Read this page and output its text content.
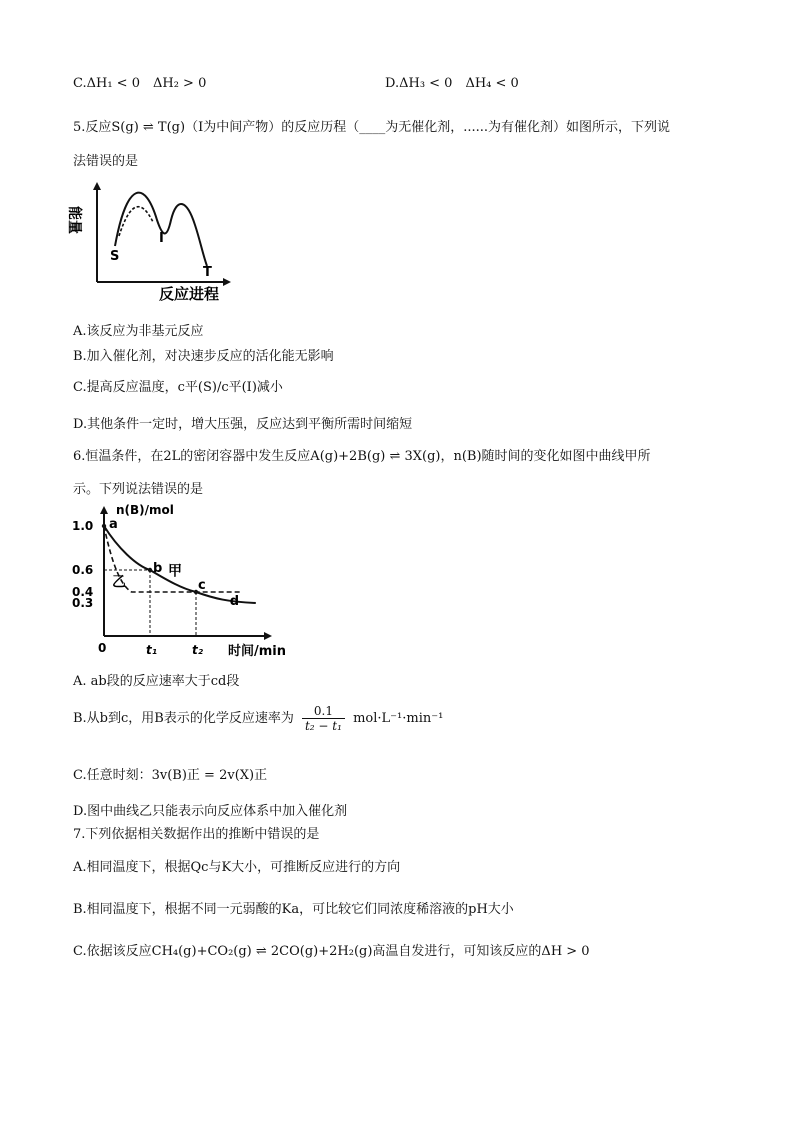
C.ΔH₁ < 0　ΔH₂ > 0	D.ΔH₃ < 0　ΔH₄ < 0
5.反应S(g) ⇌ T(g)（I为中间产物）的反应历程（____为无催化剂，......为有催化剂）如图所示，下列说
法错误的是
能量
S
I
T
反应进程
A.该反应为非基元反应
B.加入催化剂，对决速步反应的活化能无影响
C.提高反应温度，c平(S)/c平(I)减小
D.其他条件一定时，增大压强，反应达到平衡所需时间缩短
6.恒温条件，在2L的密闭容器中发生反应A(g)+2B(g) ⇌ 3X(g)，n(B)随时间的变化如图中曲线甲所
示。下列说法错误的是
1.0
0.6
0.4
0.3
0	t₁	t₂
a
b
c
d
甲
乙
n(B)/mol
时间/min
A. ab段的反应速率大于cd段
B.从b到c，用B表示的化学反应速率为 $\frac{0.1}{\text{t₂ − t₁}} mol\cdot L^{-1}\cdot\min^{-1}$
C.任意时刻：3v(B)正 = 2v(X)正
D.图中曲线乙只能表示向反应体系中加入催化剂
7.下列依据相关数据作出的推断中错误的是
A.相同温度下，根据Qc与K大小，可推断反应进行的方向
B.相同温度下，根据不同一元弱酸的Ka，可比较它们同浓度稀溶液的pH大小
C.依据该反应CH₄(g)+CO₂(g) ⇌ 2CO(g)+2H₂(g)高温自发进行，可知该反应的ΔH > 0
